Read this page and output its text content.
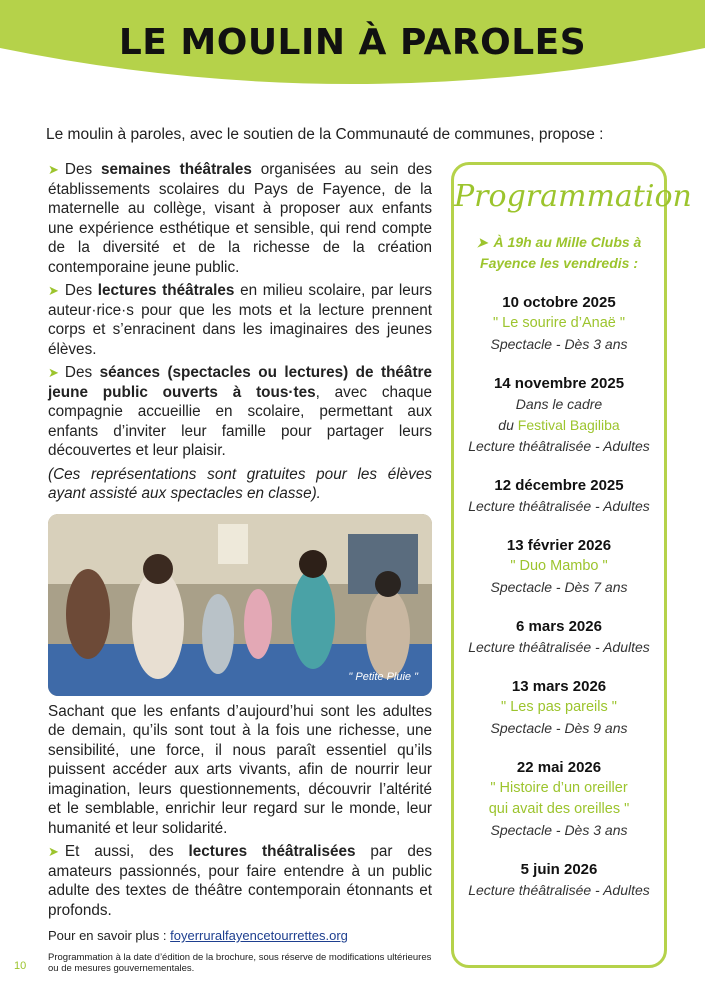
LE MOULIN À PAROLES
Le moulin à paroles, avec le soutien de la Communauté de communes, propose :

➤ Des semaines théâtrales organisées au sein des établissements scolaires du Pays de Fayence, de la maternelle au collège, visant à proposer aux enfants une expérience esthétique et sensible, qui rend compte de la diversité et de la richesse de la création contemporaine jeune public.

➤ Des lectures théâtrales en milieu scolaire, par leurs auteur·rice·s pour que les mots et la lecture prennent corps et s’enracinent dans les imaginaires des jeunes élèves.

➤ Des séances (spectacles ou lectures) de théâtre jeune public ouverts à tous·tes, avec chaque compagnie accueillie en scolaire, permettant aux enfants d’inviter leur famille pour partager leurs découvertes et leur plaisir.

(Ces représentations sont gratuites pour les élèves ayant assisté aux spectacles en classe).

" Petite Pluie "

Sachant que les enfants d’aujourd’hui sont les adultes de demain, qu’ils sont tout à la fois une richesse, une sensibilité, une force, il nous paraît essentiel qu’ils puissent accéder aux arts vivants, afin de nourrir leur imagination, leurs questionnements, découvrir l’altérité et le semblable, enrichir leur regard sur le monde, leur humanité et leur solidarité.

➤ Et aussi, des lectures théâtralisées par des amateurs passionnés, pour faire entendre à un public adulte des textes de théâtre contemporain étonnants et profonds.

Pour en savoir plus : foyerruralfayencetourrettes.org
Programmation à la date d’édition de la brochure, sous réserve de modifications ultérieures ou de mesures gouvernementales.
10
Programmation
➤ À 19h au Mille Clubs à
Fayence les vendredis :
10 octobre 2025
" Le sourire d’Anaë "
Spectacle - Dès 3 ans
14 novembre 2025
Dans le cadre
du Festival Bagiliba
Lecture théâtralisée - Adultes
12 décembre 2025
Lecture théâtralisée - Adultes
13 février 2026
" Duo Mambo "
Spectacle - Dès 7 ans
6 mars 2026
Lecture théâtralisée - Adultes
13 mars 2026
" Les pas pareils "
Spectacle - Dès 9 ans
22 mai 2026
" Histoire d’un oreiller
qui avait des oreilles "
Spectacle - Dès 3 ans
5 juin 2026
Lecture théâtralisée - Adultes
